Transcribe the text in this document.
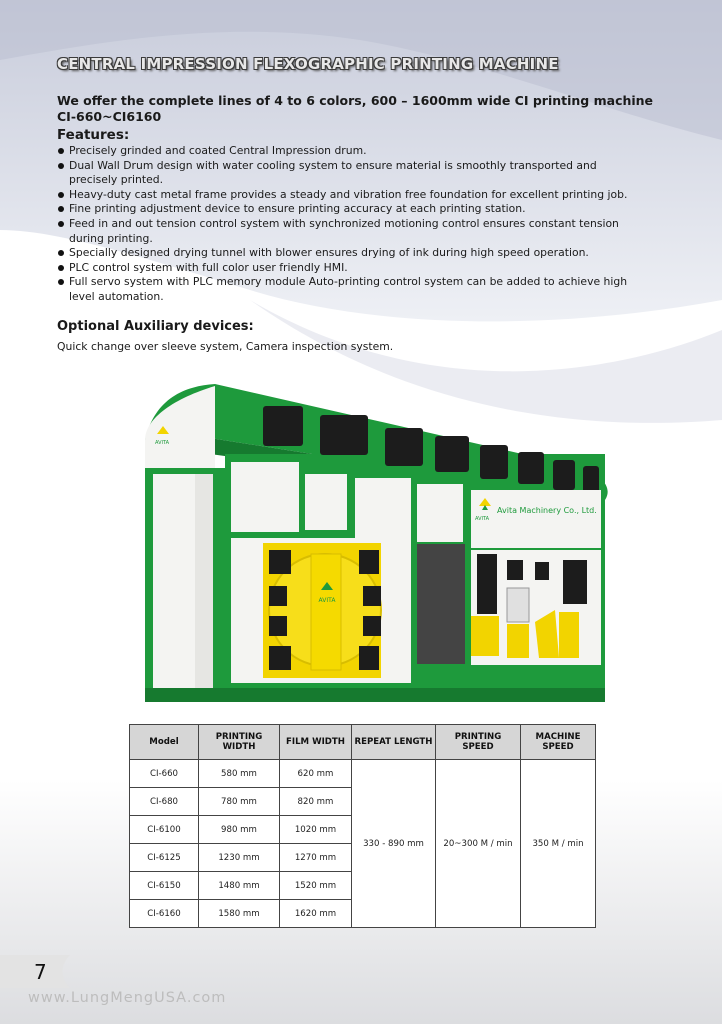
CENTRAL IMPRESSION FLEXOGRAPHIC PRINTING MACHINE

We offer the complete lines of 4 to 6 colors, 600 – 1600mm wide CI printing machine
CI-660~CI6160

Features:
Precisely grinded and coated Central Impression drum.
Dual Wall Drum design with water cooling system to ensure material is smoothly transported and precisely printed.
Heavy-duty cast metal frame provides a steady and vibration free foundation for excellent printing job.
Fine printing adjustment device to ensure printing accuracy at each printing station.
Feed in and out tension control system with synchronized motioning control ensures constant tension during printing.
Specially designed drying tunnel with blower ensures drying of ink during high speed operation.
PLC control system with full color user friendly HMI.
Full servo system with PLC memory module Auto-printing control system can be added to achieve high level automation.
Optional Auxiliary devices:

Quick change over sleeve system, Camera inspection system.

AVITA
AVITA
Avita Machinery Co., Ltd.
AVITA
Model	PRINTING WIDTH	FILM WIDTH	REPEAT LENGTH	PRINTING SPEED	MACHINE SPEED
CI-660	580 mm	620 mm	330 - 890 mm	20~300 M / min	350 M / min
CI-680	780 mm	820 mm			
CI-6100	980 mm	1020 mm			
CI-6125	1230 mm	1270 mm			
CI-6150	1480 mm	1520 mm			
CI-6160	1580 mm	1620 mm			
7
www.LungMengUSA.com
